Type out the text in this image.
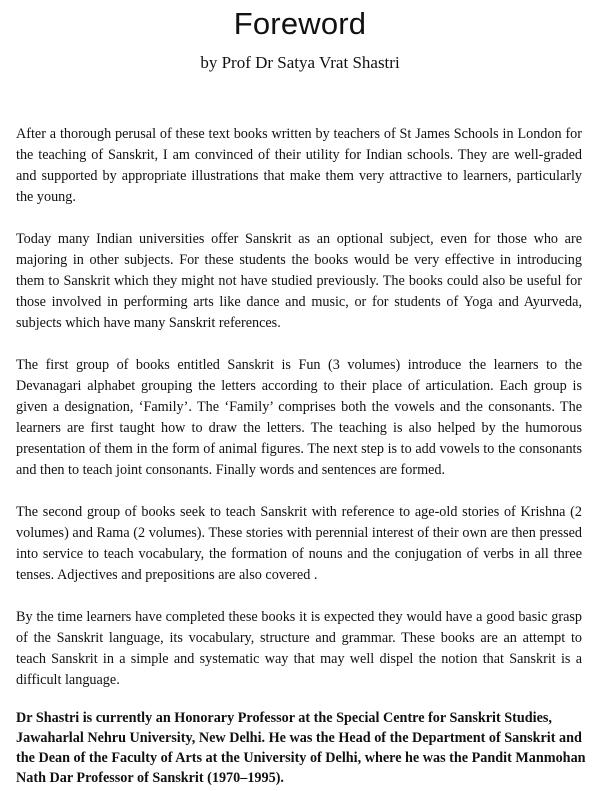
Foreword
by Prof Dr Satya Vrat Shastri

After a thorough perusal of these text books written by teachers of St James Schools in London for the teaching of Sanskrit, I am convinced of their utility for Indian schools. They are well-graded and supported by appropriate illustrations that make them very attractive to learners, particularly the young.

Today many Indian universities offer Sanskrit as an optional subject, even for those who are majoring in other subjects. For these students the books would be very effective in introducing them to Sanskrit which they might not have studied previously. The books could also be useful for those involved in performing arts like dance and music, or for students of Yoga and Ayurveda, subjects which have many Sanskrit references.

The first group of books entitled Sanskrit is Fun (3 volumes) introduce the learners to the Devanagari alphabet grouping the letters according to their place of articulation. Each group is given a designation, ‘Family’. The ‘Family’ comprises both the vowels and the consonants. The learners are first taught how to draw the letters. The teaching is also helped by the humorous presentation of them in the form of animal figures. The next step is to add vowels to the consonants and then to teach joint consonants. Finally words and sentences are formed.

The second group of books seek to teach Sanskrit with reference to age-old stories of Krishna (2 volumes) and Rama (2 volumes). These stories with perennial interest of their own are then pressed into service to teach vocabulary, the formation of nouns and the conjugation of verbs in all three tenses. Adjectives and prepositions are also covered .

By the time learners have completed these books it is expected they would have a good basic grasp of the Sanskrit language, its vocabulary, structure and grammar. These books are an attempt to teach Sanskrit in a simple and systematic way that may well dispel the notion that Sanskrit is a difficult language.

Dr Shastri is currently an Honorary Professor at the Special Centre for Sanskrit Studies, Jawaharlal Nehru University, New Delhi. He was the Head of the Department of Sanskrit and the Dean of the Faculty of Arts at the University of Delhi, where he was the Pandit Manmohan Nath Dar Professor of Sanskrit (1970–1995).
